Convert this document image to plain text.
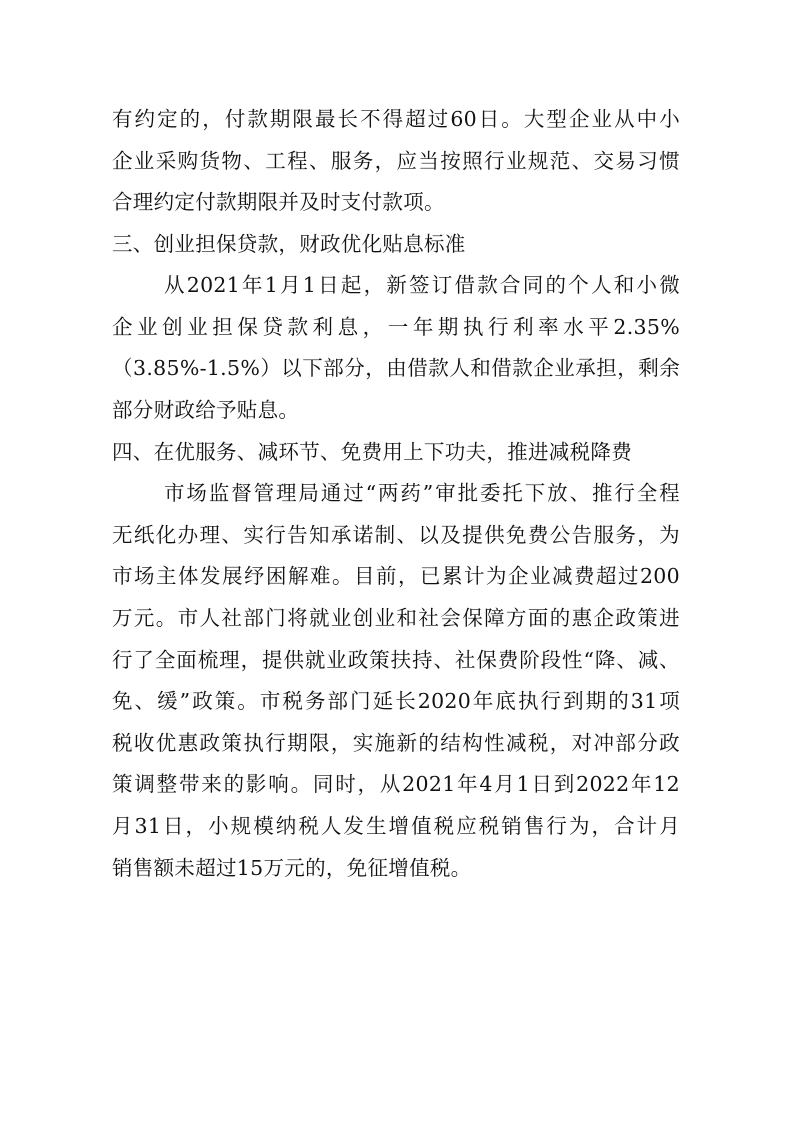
有约定的，付款期限最长不得超过60日。大型企业从中小
企业采购货物、工程、服务，应当按照行业规范、交易习惯
合理约定付款期限并及时支付款项。
三、创业担保贷款，财政优化贴息标准
从2021年1月1日起，新签订借款合同的个人和小微
企业创业担保贷款利息，一年期执行利率水平2.35%
（3.85%-1.5%）以下部分，由借款人和借款企业承担，剩余
部分财政给予贴息。
四、在优服务、减环节、免费用上下功夫，推进减税降费
市场监督管理局通过“两药”审批委托下放、推行全程
无纸化办理、实行告知承诺制、以及提供免费公告服务，为
市场主体发展纾困解难。目前，已累计为企业减费超过200
万元。市人社部门将就业创业和社会保障方面的惠企政策进
行了全面梳理，提供就业政策扶持、社保费阶段性“降、减、
免、缓”政策。市税务部门延长2020年底执行到期的31项
税收优惠政策执行期限，实施新的结构性减税，对冲部分政
策调整带来的影响。同时，从2021年4月1日到2022年12
月31日，小规模纳税人发生增值税应税销售行为，合计月
销售额未超过15万元的，免征增值税。
